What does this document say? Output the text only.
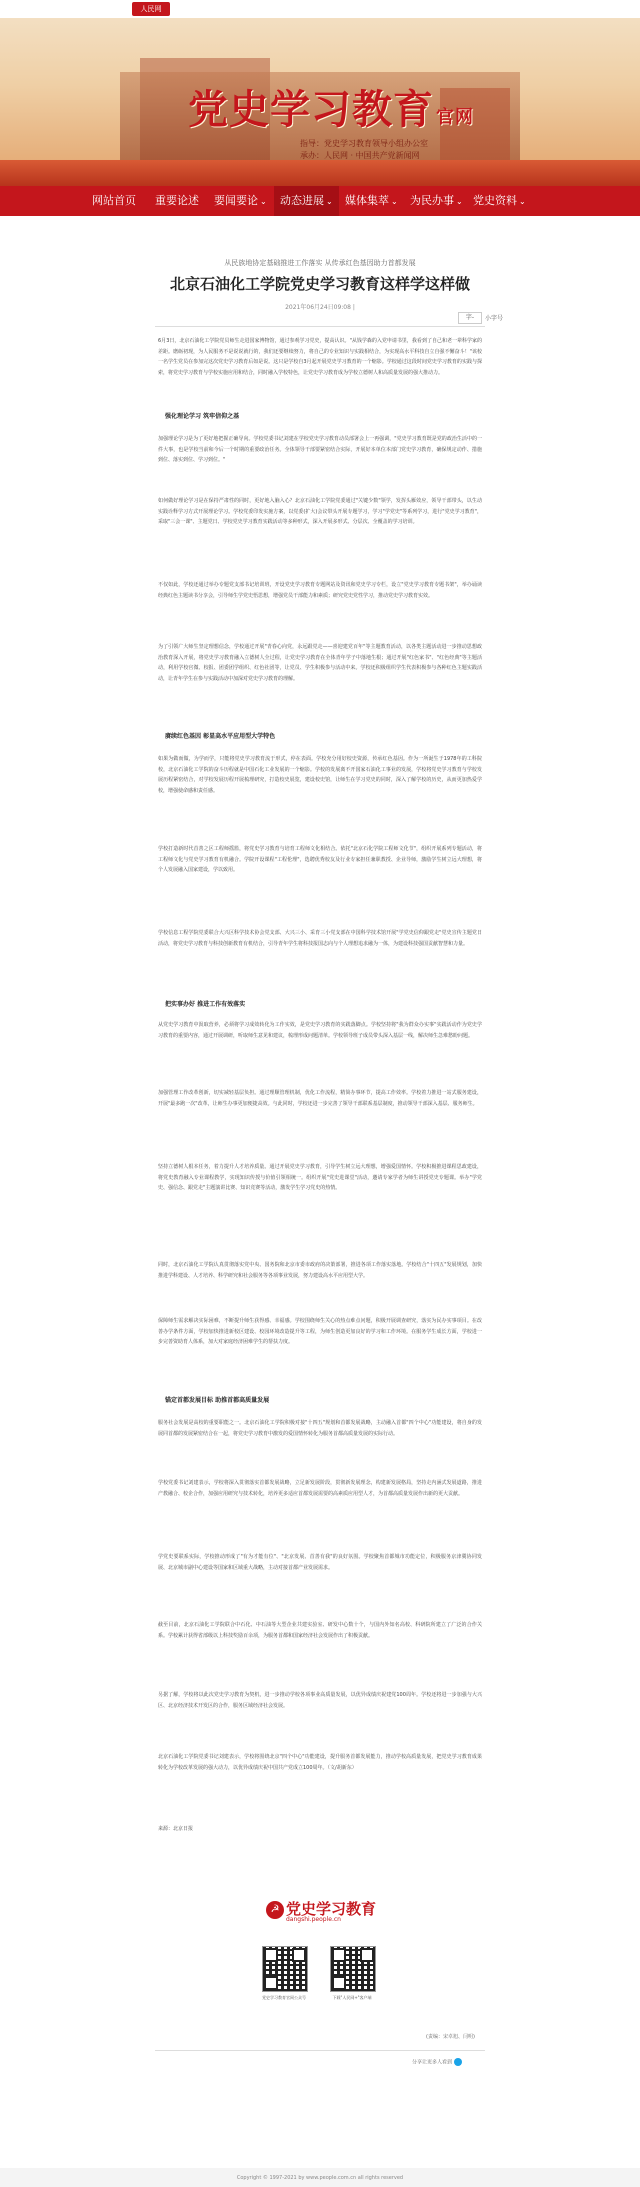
人民网
党史学习教育 官网
指导：党史学习教育领导小组办公室
承办：人民网 · 中国共产党新闻网
网站首页 重要论述 要闻要论 ⌄	动态进展 ⌄	媒体集萃 ⌄ 为民办事 ⌄ 党史资料 ⌄
从民族地协定基础推进工作落实 从传承红色基因助力首都发展
北京石油化工学院党史学习教育这样学这样做
2021年06月24日09:08 |
字-	小字号
6月3日，北京石油化工学院党员师生走进国家博物馆，通过参观学习党史，提高认识。"从钱学森的入党申请书里，我看到了自己和老一辈科学家的差距。磨砺初现，为人民服务不是说说就行的，我们还要继续努力，将自己的专业知识与实践相结合，为实现高水平科技自立自强不懈奋斗！"该校一名学生党员在参加完这次党史学习教育后如是说。这只是学校自3月起开展党史学习教育的一个缩影。学校通过这段时间党史学习教育的实践与探索，将党史学习教育与学校实施应用和结合，同时融入学校特色，让党史学习教育成为学校立德树人和高质量发展的强大推动力。
强化理论学习 筑牢信仰之基
加强理论学习是为了更好地把握正确导向。学校党委书记刘建在学校党史学习教育动员部署会上一再强调，"党史学习教育既是党的政治生活中的一件大事，也是学校当前和今后一个时期的重要政治任务。全体领导干部要紧密结合实际，开展好本单位本部门党史学习教育，确保规定动作、措施到位、落实到位、学习到位。"
如何做好理论学习是在保持严肃性的同时，更好地入脑入心？北京石油化工学院党委通过"关键少数"领学，发挥头雁效应，领导干部带头，以生动实践诠释学习方式开展理论学习。学校党委印发实施方案，以党委(扩大)会议带头开展专题学习，学习"学党史"等系列学习，进行"党史学习教育"，采取"三会一课"、主题党日、学校党史学习教育实践活动等多种形式，深入开展多形式、分层次、全覆盖的学习培训。
不仅如此，学校还通过举办专题党支部书记培训班，开设党史学习教育专题网站及资讯和党史学习专栏，设立"党史学习教育专题书架"，举办诵读经典红色主题读书分享会，引导师生学党史悟思想，增强党员干部能力和素质；研究党史党性学习，推动党史学习教育实效。
为了引领广大师生坚定理想信念，学校通过开展"青春心向党，永远跟党走——喜迎建党百年"等主题教育活动，以各类主题活动进一步推动思想政治教育深入开展，将党史学习教育融入立德树人全过程，让党史学习教育在全体青年学子中落地生根；通过开展"红色家书"、"红色经典"等主题活动，利用学校官微、校报、团委团学组织、红色社团等，让党员、学生积极参与活动中来。学校还积极组织学生代表积极参与各种红色主题实践活动，让青年学生在参与实践活动中加深对党史学习教育的理解。
赓续红色基因 彰显高水平应用型大学特色
如果为做而做，为学而学，只能将党史学习教育流于形式，停在表面。学校充分用好校史资源，传承红色基因。作为一所诞生于1978年的工科院校，北京石油化工学院的奋斗历程就是中国石化工业发展的一个缩影。学校的发展离不开国家石油化工事业的发展，学校将党史学习教育与学校发展历程紧密结合，对学校发展历程开展梳理研究，打造校史展览，建设校史馆，让师生在学习党史的同时，深入了解学校的历史，从而更加热爱学校，增强使命感和责任感。
学校打造新时代首善之区工程师摇篮，将党史学习教育与培育工程师文化相结合。依托"北京石化学院工程师文化节"，组织开展系列专题活动，将工程师文化与党史学习教育有机融合。学院开设课程"工程伦理"，选聘优秀校友及行业专家担任兼职教授、企业导师，激励学生树立远大理想，将个人发展融入国家建设，学以致用。
学校信息工程学院党委联合大兴区科学技术协会党支部、大兴三小、采育三小党支部在中国科学技术馆开展"学党史信仰跟党走"党史宣传主题党日活动，将党史学习教育与科技创新教育有机结合，引导青年学生将科技报国志向与个人理想追求融为一体，为建设科技强国贡献智慧和力量。
把实事办好 推进工作有效落实
从党史学习教育中汲取营养，必须将学习成效转化为工作实效，是党史学习教育的实践落脚点。学校坚持将"我为群众办实事"实践活动作为党史学习教育的重要内容，通过开展调研，听取师生意见和建议，梳理形成问题清单。学校领导班子成员带头深入基层一线，解决师生急难愁盼问题。
加强管理工作改革创新，切实减轻基层负担。通过理顺管理机制，优化工作流程，精简办事环节，提高工作效率。学校着力推进一站式服务建设，开展"最多跑一次"改革，让师生办事更加便捷高效。与此同时，学校还进一步完善了领导干部联系基层制度，推动领导干部深入基层、服务师生。
坚持立德树人根本任务，着力提升人才培养质量。通过开展党史学习教育，引导学生树立远大理想，增强爱国情怀。学校积极推进课程思政建设，将党史教育融入专业课程教学，实现知识传授与价值引领相统一。组织开展"党史进课堂"活动，邀请专家学者为师生讲授党史专题课。举办"学党史、强信念、跟党走"主题演讲比赛、知识竞赛等活动，激发学生学习党史的热情。
同时，北京石油化工学院认真贯彻落实党中央、国务院和北京市委市政府的决策部署，推进各项工作落实落地。学校结合"十四五"发展规划，加快推进学科建设、人才培养、科学研究和社会服务等各项事业发展，努力建设高水平应用型大学。
保障师生需求解决实际困难，不断提升师生获得感、幸福感。学校围绕师生关心的热点难点问题，积极开展调查研究，落实为民办实事项目。在改善办学条件方面，学校加快推进新校区建设、校园环境改造提升等工程，为师生创造更加良好的学习和工作环境。在服务学生成长方面，学校进一步完善资助育人体系，加大对家庭经济困难学生的帮扶力度。
锚定首都发展目标 助推首都高质量发展
服务社会发展是高校的重要职能之一。北京石油化工学院积极对接"十四五"规划和首都发展战略，主动融入首都"四个中心"功能建设，将自身的发展同首都的发展紧密结合在一起，将党史学习教育中激发的爱国情怀转化为服务首都高质量发展的实际行动。
学校党委书记刘建表示，学校将深入贯彻落实首都发展战略，立足新发展阶段，贯彻新发展理念，构建新发展格局，坚持走内涵式发展道路，推进产教融合、校企合作，加强应用研究与技术转化，培养更多适应首都发展需要的高素质应用型人才，为首都高质量发展作出新的更大贡献。
学党史要联系实际，学校推动形成了"有为才能有位"、"北京发展、首善有我"的良好氛围。学校聚焦首都城市功能定位，积极服务京津冀协同发展、北京城市副中心建设等国家和区域重大战略，主动对接首都产业发展需求。
截至目前，北京石油化工学院联合中石化、中石油等大型企业共建实验室、研发中心数十个，与国内外知名高校、科研院所建立了广泛的合作关系。学校累计获得省部级以上科技奖励百余项，为服务首都和国家经济社会发展作出了积极贡献。
另据了解，学校将以此次党史学习教育为契机，进一步推动学校各项事业高质量发展，以优异成绩庆祝建党100周年。学校还将进一步加强与大兴区、北京经济技术开发区的合作，服务区域经济社会发展。
北京石油化工学院党委书记刘建表示，学校将围绕北京"四个中心"功能建设，提升服务首都发展能力，推动学校高质量发展，把党史学习教育成果转化为学校改革发展的强大动力，以优异成绩庆祝中国共产党成立100周年。（文/胡新东）
来源：北京日报
☭ 党史学习教育
dangshi.people.cn
党史学习教育官网公众号	下载"人民网+"客户端
(责编：宋卓旭、闫明)
分享让更多人看到
Copyright © 1997-2021 by www.people.com.cn all rights reserved
